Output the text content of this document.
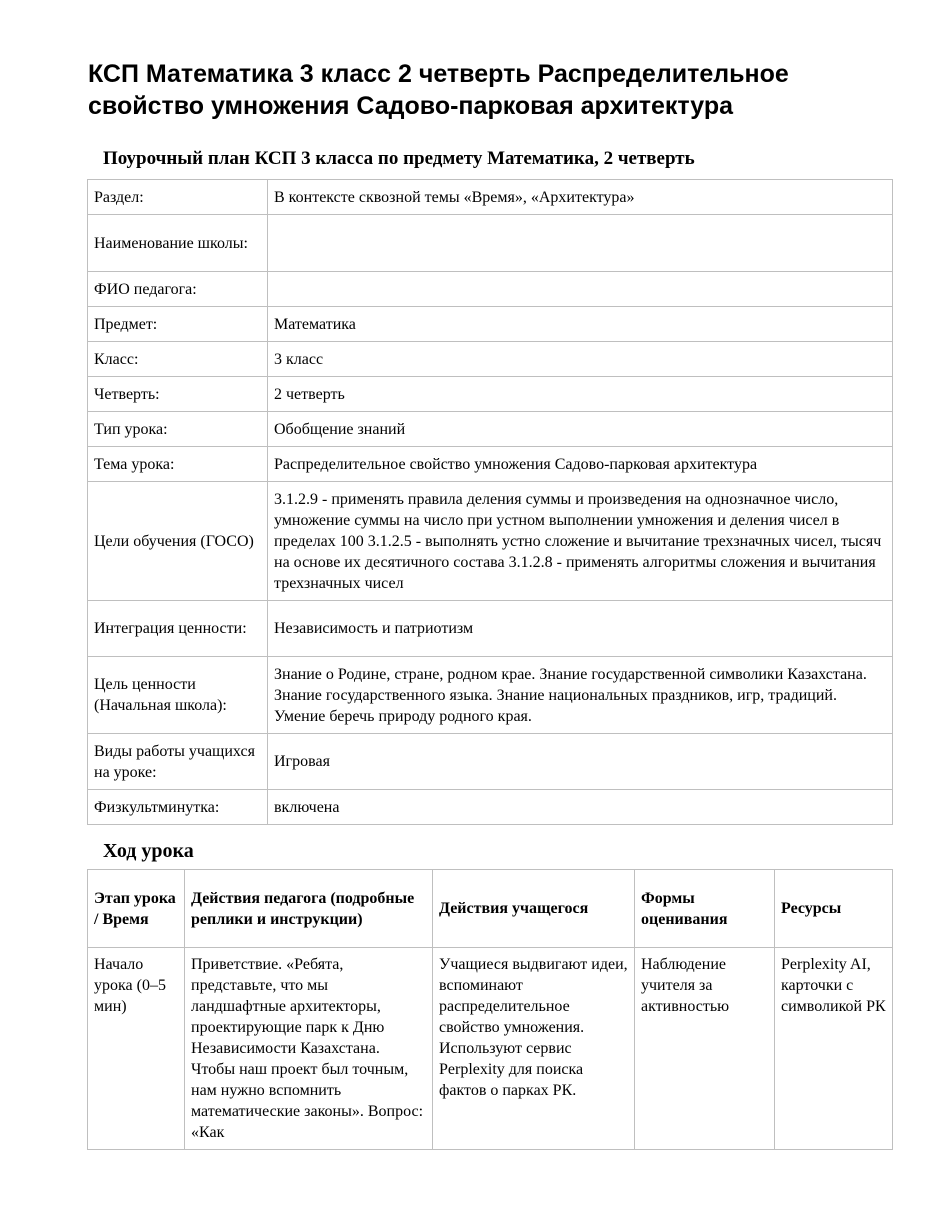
КСП Математика 3 класс 2 четверть Распределительное свойство умножения Садово-парковая архитектура
Поурочный план КСП 3 класса по предмету Математика, 2 четверть
Раздел:	В контексте сквозной темы «Время», «Архитектура»
Наименование школы:	
ФИО педагога:	
Предмет:	Математика
Класс:	3 класс
Четверть:	2 четверть
Тип урока:	Обобщение знаний
Тема урока:	Распределительное свойство умножения Садово-парковая архитектура
Цели обучения (ГОСО)	3.1.2.9 - применять правила деления суммы и произведения на однозначное число, умножение суммы на число при устном выполнении умножения и деления чисел в пределах 100 3.1.2.5 - выполнять устно сложение и вычитание трехзначных чисел, тысяч на основе их десятичного состава 3.1.2.8 - применять алгоритмы сложения и вычитания трехзначных чисел
Интеграция ценности:	Независимость и патриотизм
Цель ценности (Начальная школа):	Знание о Родине, стране, родном крае. Знание государственной символики Казахстана. Знание государственного языка. Знание национальных праздников, игр, традиций. Умение беречь природу родного края.
Виды работы учащихся на уроке:	Игровая
Физкультминутка:	включена
Ход урока
Этап урока / Время	Действия педагога (подробные реплики и инструкции)	Действия учащегося	Формы оценивания	Ресурсы
Начало урока (0–5 мин)	Приветствие. «Ребята, представьте, что мы ландшафтные архитекторы, проектирующие парк к Дню Независимости Казахстана. Чтобы наш проект был точным, нам нужно вспомнить математические законы». Вопрос: «Как	Учащиеся выдвигают идеи, вспоминают распределительное свойство умножения. Используют сервис Perplexity для поиска фактов о парках РК.	Наблюдение учителя за активностью	Perplexity AI, карточки с символикой РК
